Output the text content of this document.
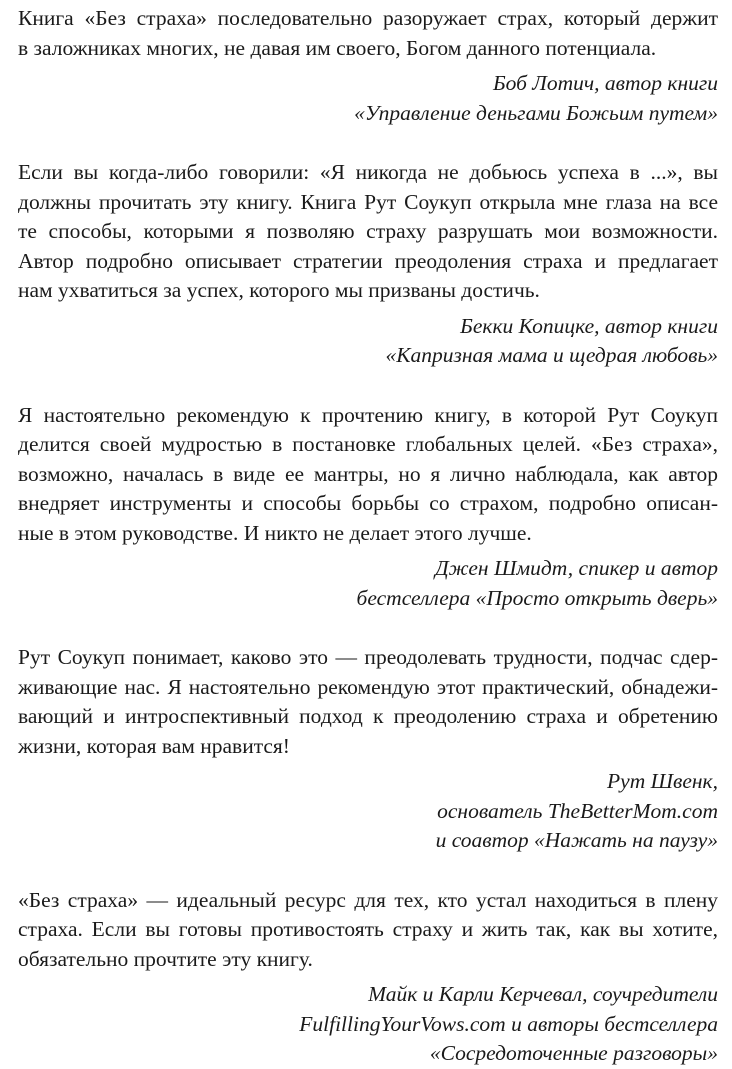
Книга «Без страха» последовательно разоружает страх, который держит
в заложниках многих, не давая им своего, Богом данного потенциала.

Боб Лотич, автор книги
«Управление деньгами Божьим путем»

Если вы когда-либо говорили: «Я никогда не добьюсь успеха в ...», вы
должны прочитать эту книгу. Книга Рут Соукуп открыла мне глаза на все
те способы, которыми я позволяю страху разрушать мои возможности.
Автор подробно описывает стратегии преодоления страха и предлагает
нам ухватиться за успех, которого мы призваны достичь.

Бекки Копицке, автор книги
«Капризная мама и щедрая любовь»

Я настоятельно рекомендую к прочтению книгу, в которой Рут Соукуп
делится своей мудростью в постановке глобальных целей. «Без страха»,
возможно, началась в виде ее мантры, но я лично наблюдала, как автор
внедряет инструменты и способы борьбы со страхом, подробно описан-
ные в этом руководстве. И никто не делает этого лучше.

Джен Шмидт, спикер и автор
бестселлера «Просто открыть дверь»

Рут Соукуп понимает, каково это — преодолевать трудности, подчас сдер-
живающие нас. Я настоятельно рекомендую этот практический, обнадежи-
вающий и интроспективный подход к преодолению страха и обретению
жизни, которая вам нравится!

Рут Швенк,
основатель TheBetterMom.com
и соавтор «Нажать на паузу»

«Без страха» — идеальный ресурс для тех, кто устал находиться в плену
страха. Если вы готовы противостоять страху и жить так, как вы хотите,
обязательно прочтите эту книгу.

Майк и Карли Керчевал, соучредители
FulfillingYourVows.com и авторы бестселлера
«Сосредоточенные разговоры»
